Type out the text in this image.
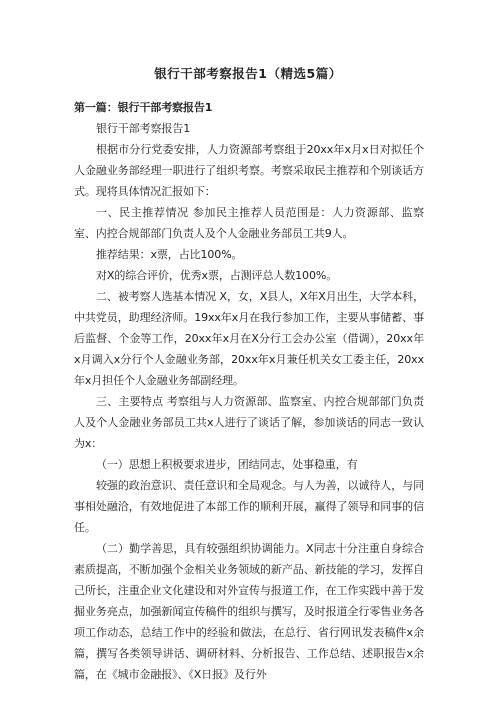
银行干部考察报告1（精选5篇）

第一篇：银行干部考察报告1

银行干部考察报告1

根据市分行党委安排，人力资源部考察组于20xx年x月x日对拟任个人金融业务部经理一职进行了组织考察。考察采取民主推荐和个别谈话方式。现将具体情况汇报如下：

一、民主推荐情况 参加民主推荐人员范围是：人力资源部、监察室、内控合规部部门负责人及个人金融业务部员工共9人。

推荐结果：x票，占比100%。

对X的综合评价，优秀x票，占测评总人数100%。

二、被考察人选基本情况 X，女，X县人，X年X月出生，大学本科，中共党员，助理经济师。19xx年x月在我行参加工作，主要从事储蓄、事后监督、个金等工作，20xx年x月在X分行工会办公室（借调），20xx年x月调入x分行个人金融业务部，20xx年x月兼任机关女工委主任，20xx年x月担任个人金融业务部副经理。

三、主要特点 考察组与人力资源部、监察室、内控合规部部门负责人及个人金融业务部员工共x人进行了谈话了解，参加谈话的同志一致认为x：

（一）思想上积极要求进步，团结同志，处事稳重，有

较强的政治意识、责任意识和全局观念。与人为善，以诚待人，与同事相处融洽，有效地促进了本部工作的顺利开展，赢得了领导和同事的信任。

（二）勤学善思，具有较强组织协调能力。X同志十分注重自身综合素质提高，不断加强个金相关业务领域的新产品、新技能的学习，发挥自己所长，注重企业文化建设和对外宣传与报道工作，在工作实践中善于发掘业务亮点，加强新闻宣传稿件的组织与撰写，及时报道全行零售业务各项工作动态，总结工作中的经验和做法，在总行、省行网讯发表稿件x余篇，撰写各类领导讲话、调研材料、分析报告、工作总结、述职报告x余篇，在《城市金融报》、《X日报》及行外
